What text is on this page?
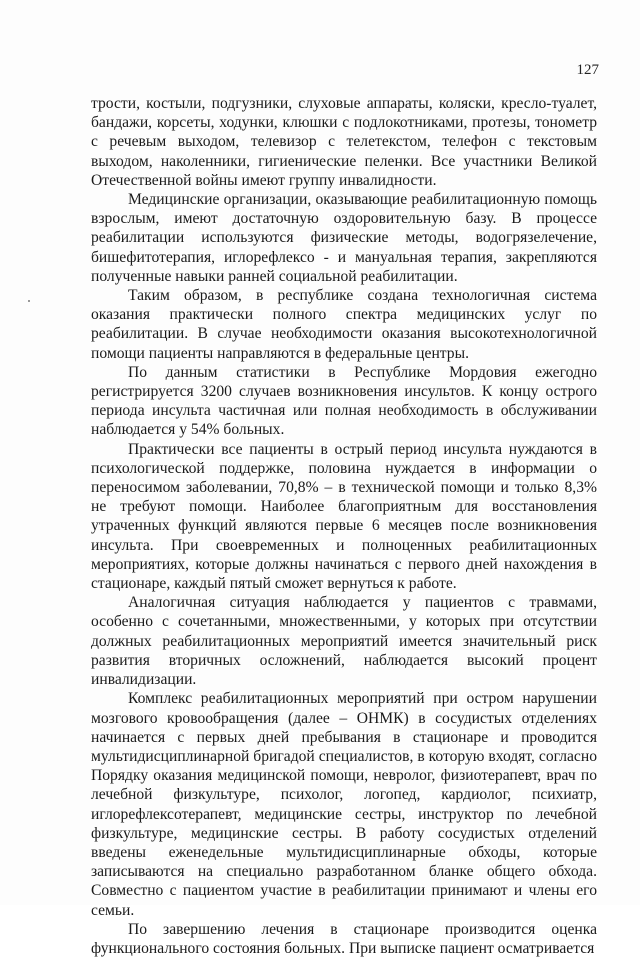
127

трости, костыли, подгузники, слуховые аппараты, коляски, кресло-туалет, бандажи, корсеты, ходунки, клюшки с подлокотниками, протезы, тонометр с речевым выходом, телевизор с телетекстом, телефон с текстовым выходом, наколенники, гигиенические пеленки. Все участники Великой Отечественной войны имеют группу инвалидности.

Медицинские организации, оказывающие реабилитационную помощь взрослым, имеют достаточную оздоровительную базу. В процессе реабилитации используются физические методы, водогрязелечение, бишефитотерапия, иглорефлексо - и мануальная терапия, закрепляются полученные навыки ранней социальной реабилитации.

Таким образом, в республике создана технологичная система оказания практически полного спектра медицинских услуг по реабилитации. В случае необходимости оказания высокотехнологичной помощи пациенты направляются в федеральные центры.

По данным статистики в Республике Мордовия ежегодно регистрируется 3200 случаев возникновения инсультов. К концу острого периода инсульта частичная или полная необходимость в обслуживании наблюдается у 54% больных.

Практически все пациенты в острый период инсульта нуждаются в психологической поддержке, половина нуждается в информации о переносимом заболевании, 70,8% – в технической помощи и только 8,3% не требуют помощи. Наиболее благоприятным для восстановления утраченных функций являются первые 6 месяцев после возникновения инсульта. При своевременных и полноценных реабилитационных мероприятиях, которые должны начинаться с первого дней нахождения в стационаре, каждый пятый сможет вернуться к работе.

Аналогичная ситуация наблюдается у пациентов с травмами, особенно с сочетанными, множественными, у которых при отсутствии должных реабилитационных мероприятий имеется значительный риск развития вторичных осложнений, наблюдается высокий процент инвалидизации.

Комплекс реабилитационных мероприятий при остром нарушении мозгового кровообращения (далее – ОНМК) в сосудистых отделениях начинается с первых дней пребывания в стационаре и проводится мультидисциплинарной бригадой специалистов, в которую входят, согласно Порядку оказания медицинской помощи, невролог, физиотерапевт, врач по лечебной физкультуре, психолог, логопед, кардиолог, психиатр, иглорефлексотерапевт, медицинские сестры, инструктор по лечебной физкультуре, медицинские сестры. В работу сосудистых отделений введены еженедельные мультидисциплинарные обходы, которые записываются на специально разработанном бланке общего обхода. Совместно с пациентом участие в реабилитации принимают и члены его семьи.

По завершению лечения в стационаре производится оценка функционального состояния больных. При выписке пациент осматривается
